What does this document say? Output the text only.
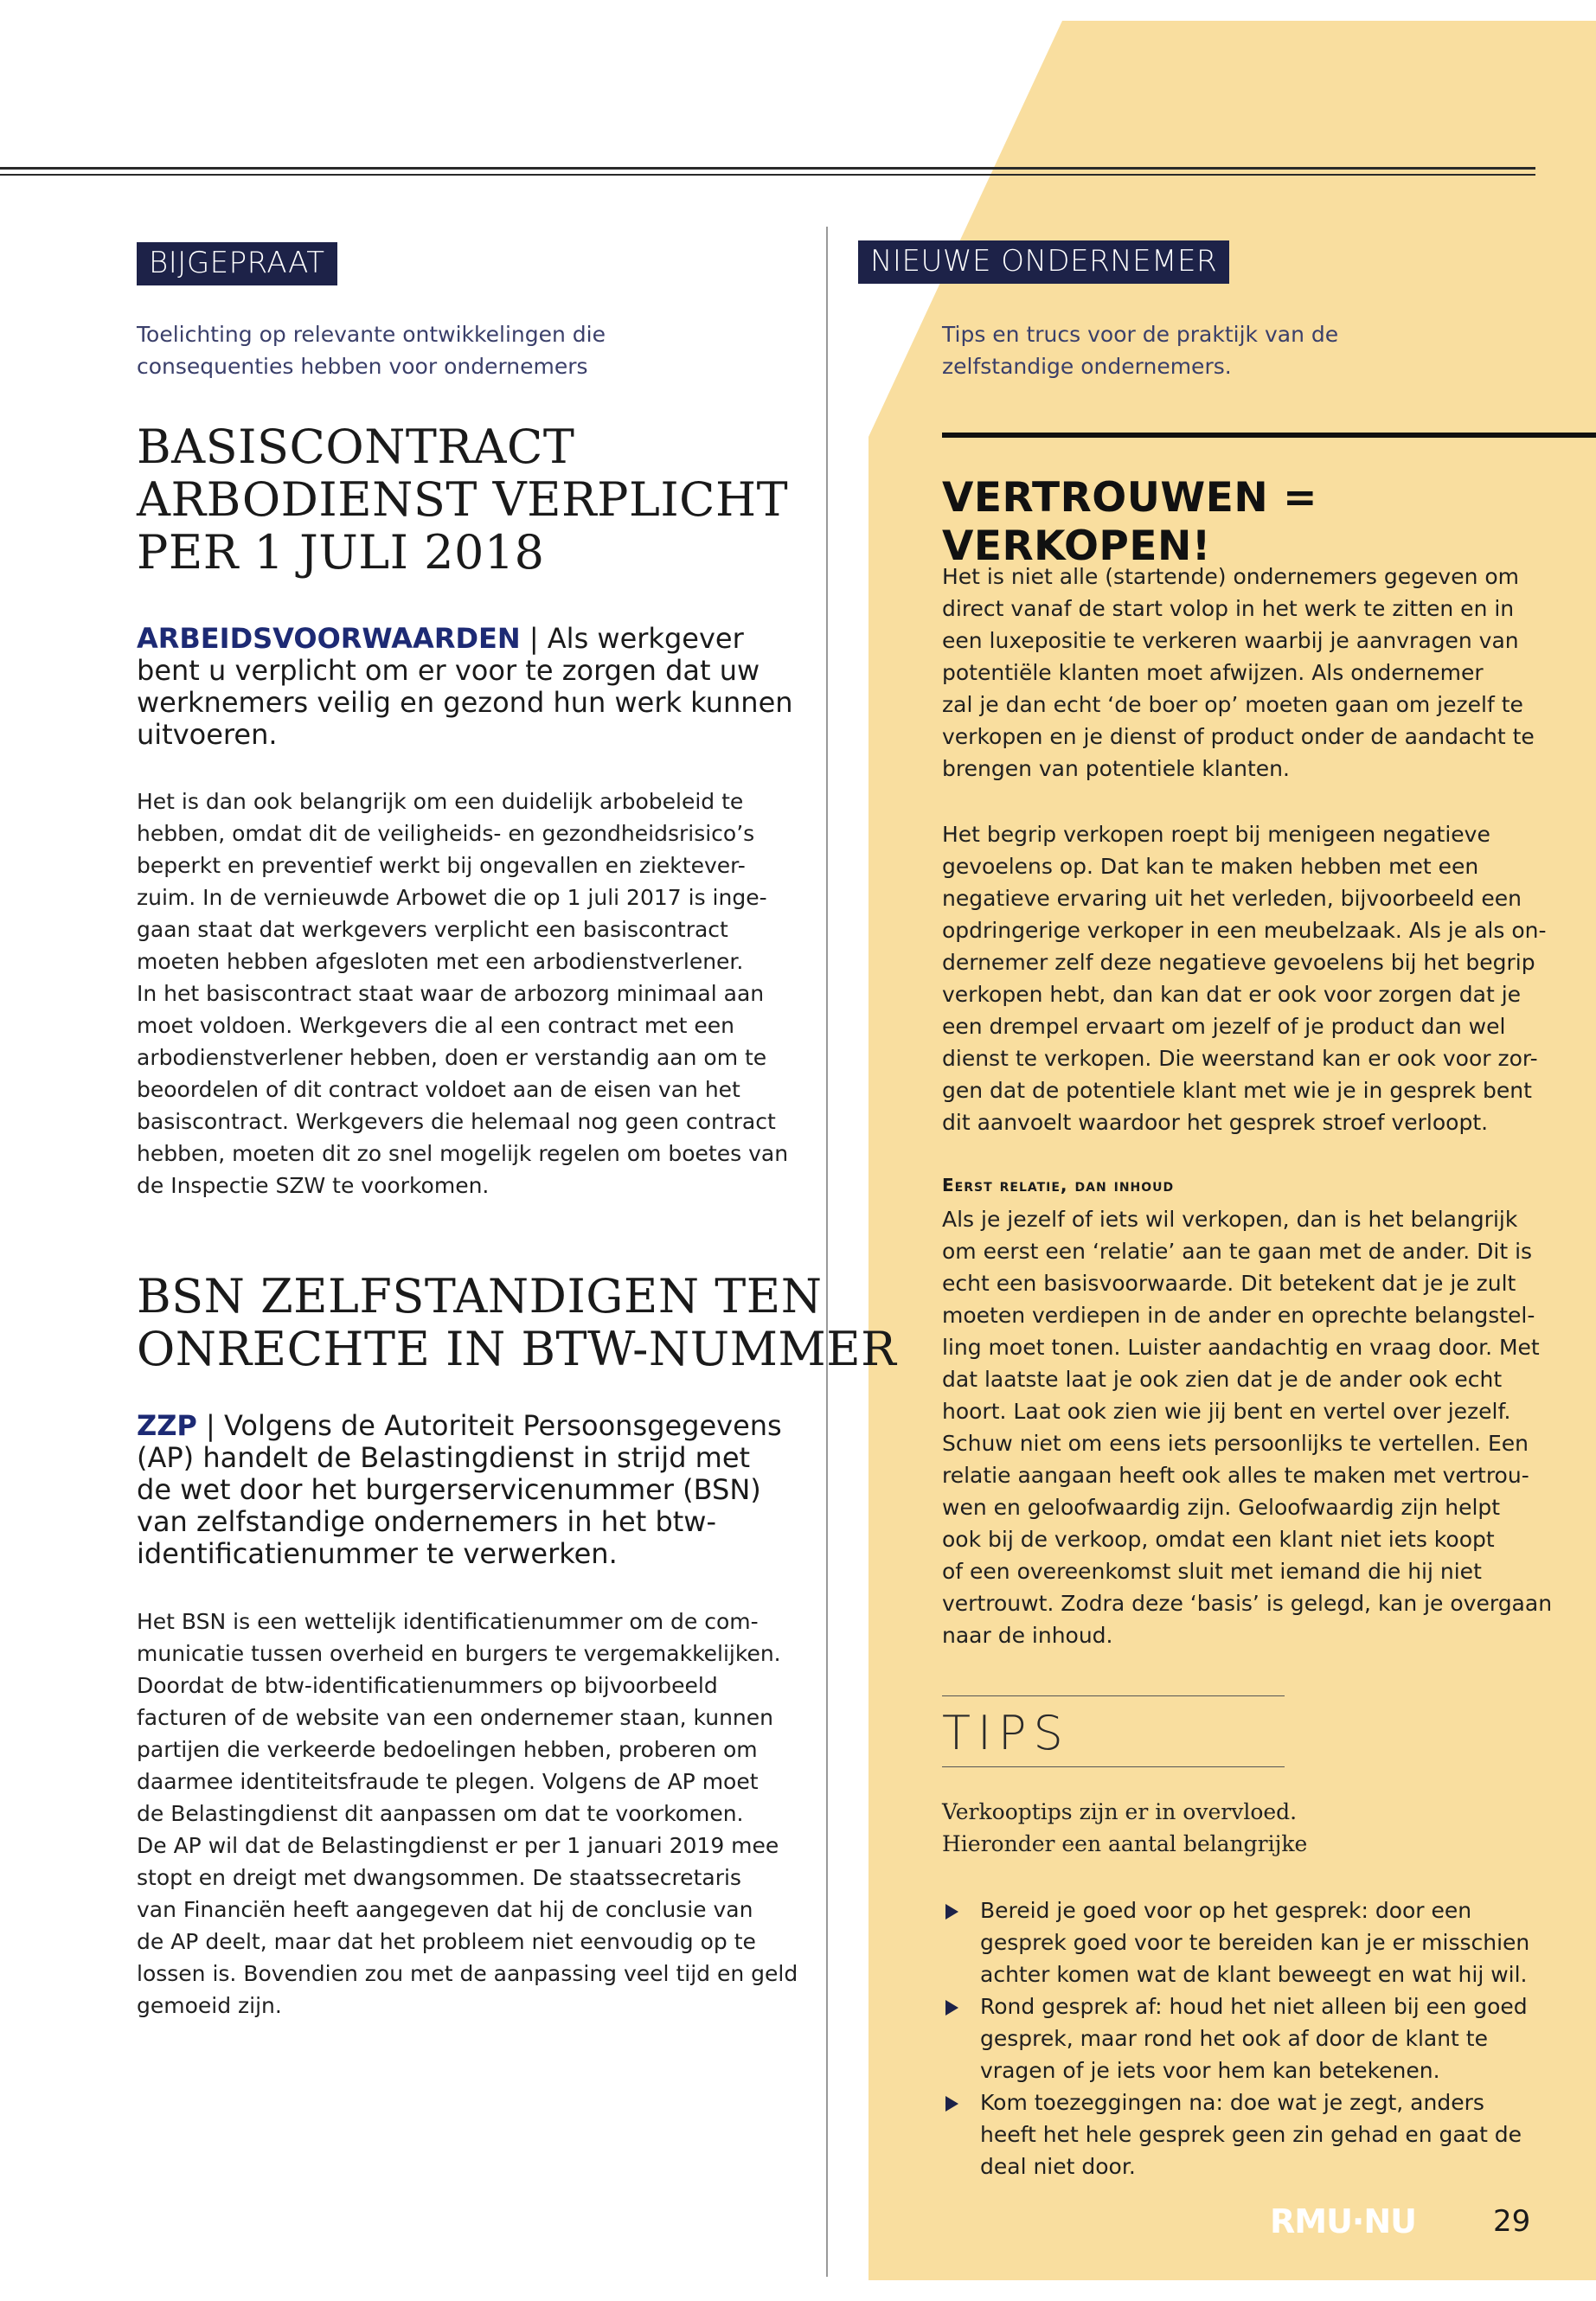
BIJGEPRAAT
Toelichting op relevante ontwikkelingen die
consequenties hebben voor ondernemers
BASISCONTRACT
ARBODIENST VERPLICHT
PER 1 JULI 2018
ARBEIDSVOORWAARDEN | Als werkgever
bent u verplicht om er voor te zorgen dat uw
werknemers veilig en gezond hun werk kunnen
uitvoeren.
Het is dan ook belangrijk om een duidelijk arbobeleid te
hebben, omdat dit de veiligheids- en gezondheidsrisico’s
beperkt en preventief werkt bij ongevallen en ziektever-
zuim. In de vernieuwde Arbowet die op 1 juli 2017 is inge-
gaan staat dat werkgevers verplicht een basiscontract
moeten hebben afgesloten met een arbodienstverlener.
In het basiscontract staat waar de arbozorg minimaal aan
moet voldoen. Werkgevers die al een contract met een
arbodienstverlener hebben, doen er verstandig aan om te
beoordelen of dit contract voldoet aan de eisen van het
basiscontract. Werkgevers die helemaal nog geen contract
hebben, moeten dit zo snel mogelijk regelen om boetes van
de Inspectie SZW te voorkomen.
BSN ZELFSTANDIGEN TEN
ONRECHTE IN BTW-NUMMER
ZZP | Volgens de Autoriteit Persoonsgegevens
(AP) handelt de Belastingdienst in strijd met
de wet door het burgerservicenummer (BSN)
van zelfstandige ondernemers in het btw-
identificatienummer te verwerken.
Het BSN is een wettelijk identificatienummer om de com-
municatie tussen overheid en burgers te vergemakkelijken.
Doordat de btw-identificatienummers op bijvoorbeeld
facturen of de website van een ondernemer staan, kunnen
partijen die verkeerde bedoelingen hebben, proberen om
daarmee identiteitsfraude te plegen. Volgens de AP moet
de Belastingdienst dit aanpassen om dat te voorkomen.
De AP wil dat de Belastingdienst er per 1 januari 2019 mee
stopt en dreigt met dwangsommen. De staatssecretaris
van Financiën heeft aangegeven dat hij de conclusie van
de AP deelt, maar dat het probleem niet eenvoudig op te
lossen is. Bovendien zou met de aanpassing veel tijd en geld
gemoeid zijn.
NIEUWE ONDERNEMER
Tips en trucs voor de praktijk van de
zelfstandige ondernemers.
VERTROUWEN = VERKOPEN!
Het is niet alle (startende) ondernemers gegeven om
direct vanaf de start volop in het werk te zitten en in
een luxepositie te verkeren waarbij je aanvragen van
potentiële klanten moet afwijzen. Als ondernemer
zal je dan echt ‘de boer op’ moeten gaan om jezelf te
verkopen en je dienst of product onder de aandacht te
brengen van potentiele klanten.
Het begrip verkopen roept bij menigeen negatieve
gevoelens op. Dat kan te maken hebben met een
negatieve ervaring uit het verleden, bijvoorbeeld een
opdringerige verkoper in een meubelzaak. Als je als on-
dernemer zelf deze negatieve gevoelens bij het begrip
verkopen hebt, dan kan dat er ook voor zorgen dat je
een drempel ervaart om jezelf of je product dan wel
dienst te verkopen. Die weerstand kan er ook voor zor-
gen dat de potentiele klant met wie je in gesprek bent
dit aanvoelt waardoor het gesprek stroef verloopt.
Eerst relatie, dan inhoud
Als je jezelf of iets wil verkopen, dan is het belangrijk
om eerst een ‘relatie’ aan te gaan met de ander. Dit is
echt een basisvoorwaarde. Dit betekent dat je je zult
moeten verdiepen in de ander en oprechte belangstel-
ling moet tonen. Luister aandachtig en vraag door. Met
dat laatste laat je ook zien dat je de ander ook echt
hoort. Laat ook zien wie jij bent en vertel over jezelf.
Schuw niet om eens iets persoonlijks te vertellen. Een
relatie aangaan heeft ook alles te maken met vertrou-
wen en geloofwaardig zijn. Geloofwaardig zijn helpt
ook bij de verkoop, omdat een klant niet iets koopt
of een overeenkomst sluit met iemand die hij niet
vertrouwt. Zodra deze ‘basis’ is gelegd, kan je overgaan
naar de inhoud.
TIPS
Verkooptips zijn er in overvloed.
Hieronder een aantal belangrijke
Bereid je goed voor op het gesprek: door een
gesprek goed voor te bereiden kan je er misschien
achter komen wat de klant beweegt en wat hij wil.
Rond gesprek af: houd het niet alleen bij een goed
gesprek, maar rond het ook af door de klant te
vragen of je iets voor hem kan betekenen.
Kom toezeggingen na: doe wat je zegt, anders
heeft het hele gesprek geen zin gehad en gaat de
deal niet door.
RMU·NU	29
